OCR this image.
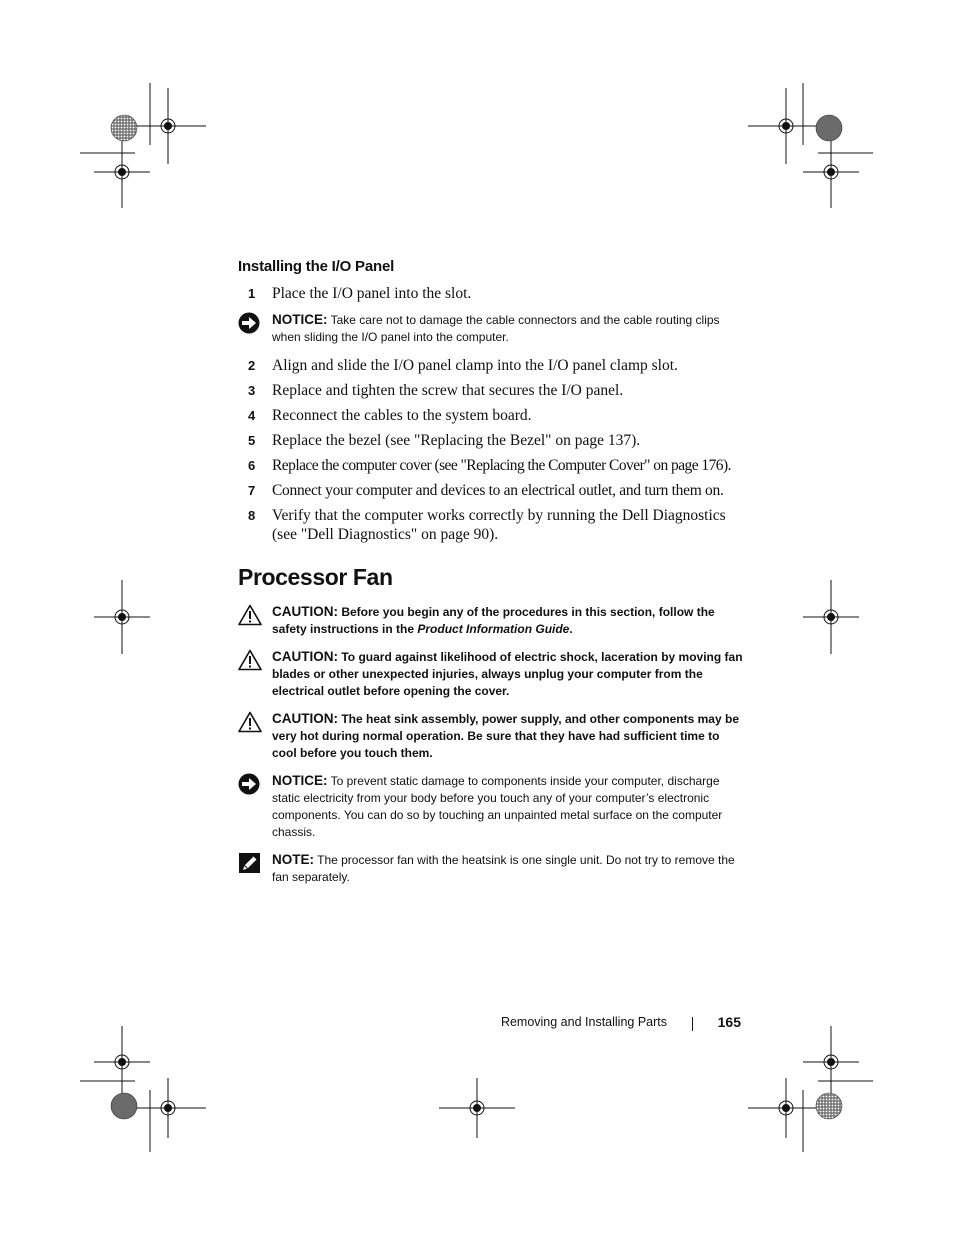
Installing the I/O Panel
1 Place the I/O panel into the slot.
NOTICE: Take care not to damage the cable connectors and the cable routing clips when sliding the I/O panel into the computer.
2 Align and slide the I/O panel clamp into the I/O panel clamp slot.
3 Replace and tighten the screw that secures the I/O panel.
4 Reconnect the cables to the system board.
5 Replace the bezel (see "Replacing the Bezel" on page 137).
6 Replace the computer cover (see "Replacing the Computer Cover" on page 176).
7 Connect your computer and devices to an electrical outlet, and turn them on.
8 Verify that the computer works correctly by running the Dell Diagnostics (see "Dell Diagnostics" on page 90).
Processor Fan
CAUTION: Before you begin any of the procedures in this section, follow the safety instructions in the Product Information Guide.
CAUTION: To guard against likelihood of electric shock, laceration by moving fan blades or other unexpected injuries, always unplug your computer from the electrical outlet before opening the cover.
CAUTION: The heat sink assembly, power supply, and other components may be very hot during normal operation. Be sure that they have had sufficient time to cool before you touch them.
NOTICE: To prevent static damage to components inside your computer, discharge static electricity from your body before you touch any of your computer’s electronic components. You can do so by touching an unpainted metal surface on the computer chassis.
NOTE: The processor fan with the heatsink is one single unit. Do not try to remove the fan separately.
Removing and Installing Parts	165
